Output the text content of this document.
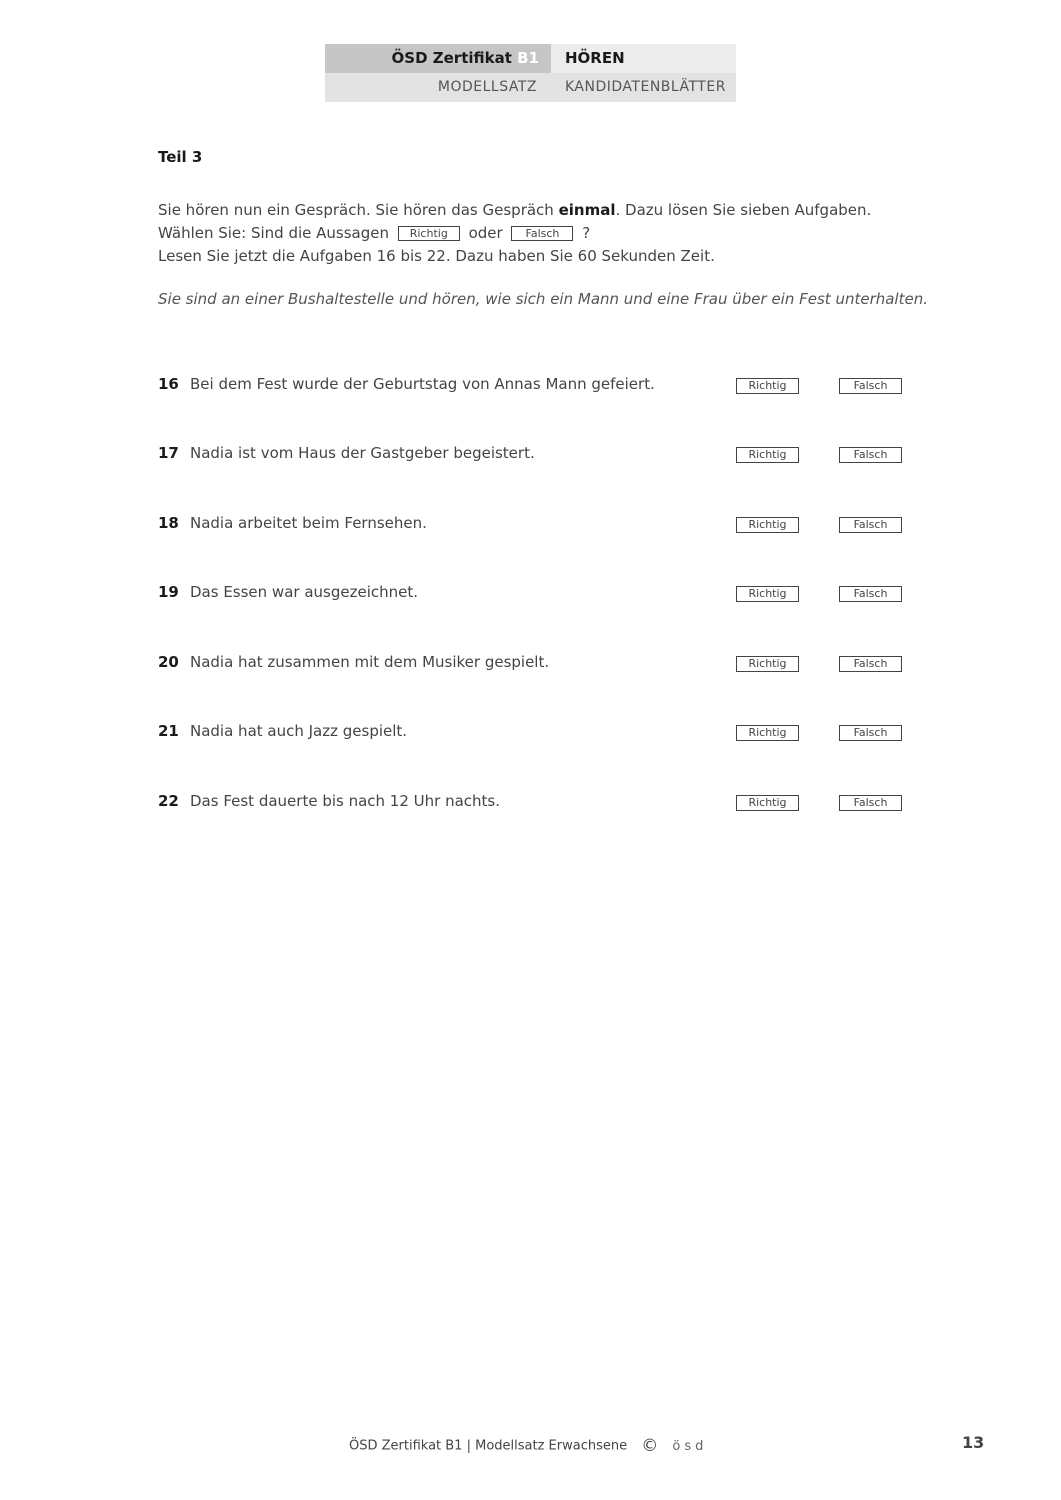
ÖSD Zertifikat B1	HÖREN
MODELLSATZ	KANDIDATENBLÄTTER
Teil 3

Sie hören nun ein Gespräch. Sie hören das Gespräch einmal. Dazu lösen Sie sieben Aufgaben.

Wählen Sie: Sind die Aussagen Richtig oder Falsch ?

Lesen Sie jetzt die Aufgaben 16 bis 22. Dazu haben Sie 60 Sekunden Zeit.

Sie sind an einer Bushaltestelle und hören, wie sich ein Mann und eine Frau über ein Fest unterhalten.
16 Bei dem Fest wurde der Geburtstag von Annas Mann gefeiert.	Richtig	Falsch
17 Nadia ist vom Haus der Gastgeber begeistert.	Richtig	Falsch
18 Nadia arbeitet beim Fernsehen.	Richtig	Falsch
19 Das Essen war ausgezeichnet.	Richtig	Falsch
20 Nadia hat zusammen mit dem Musiker gespielt.	Richtig	Falsch
21 Nadia hat auch Jazz gespielt.	Richtig	Falsch
22 Das Fest dauerte bis nach 12 Uhr nachts.	Richtig	Falsch
ÖSD Zertifikat B1 | Modellsatz Erwachsene © ösd	13
